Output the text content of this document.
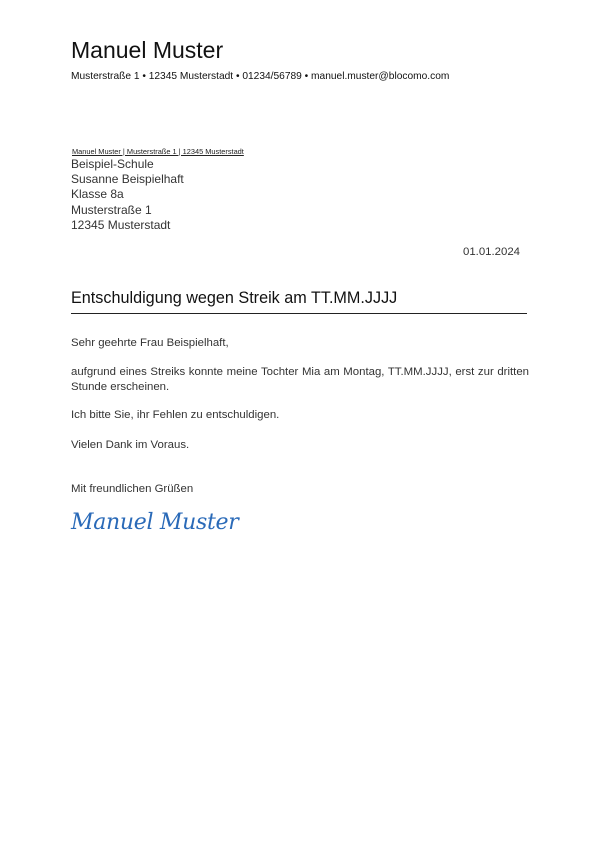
Manuel Muster
Musterstraße 1 • 12345 Musterstadt • 01234/56789 • manuel.muster@blocomo.com
Manuel Muster | Musterstraße 1 | 12345 Musterstadt
Beispiel-Schule
Susanne Beispielhaft
Klasse 8a
Musterstraße 1
12345 Musterstadt
01.01.2024
Entschuldigung wegen Streik am TT.MM.JJJJ
Sehr geehrte Frau Beispielhaft,
aufgrund eines Streiks konnte meine Tochter Mia am Montag, TT.MM.JJJJ, erst zur dritten Stunde erscheinen.
Ich bitte Sie, ihr Fehlen zu entschuldigen.
Vielen Dank im Voraus.
Mit freundlichen Grüßen
Manuel Muster
